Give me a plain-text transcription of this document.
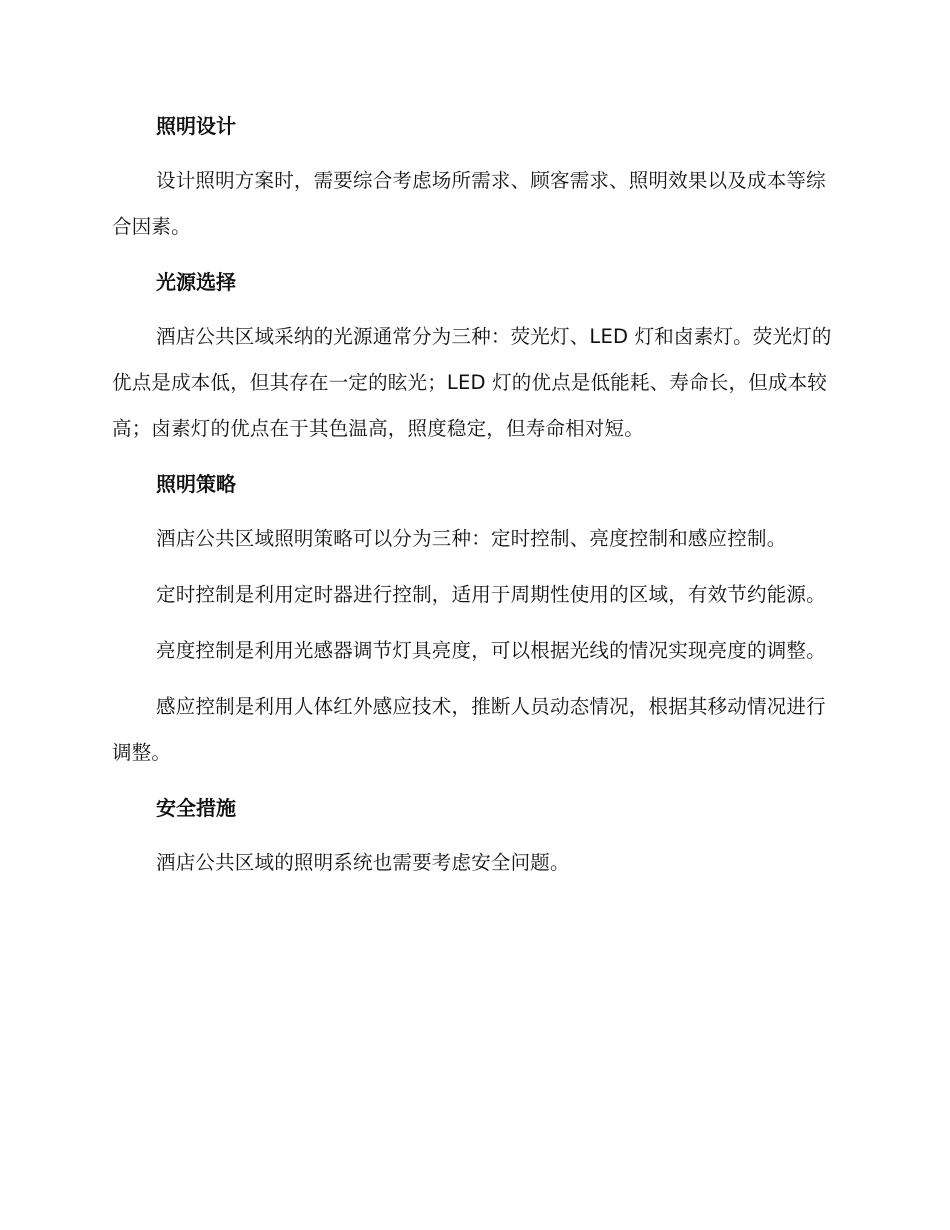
照明设计

设计照明方案时，需要综合考虑场所需求、顾客需求、照明效果以及成本等综合因素。

光源选择

酒店公共区域采纳的光源通常分为三种：荧光灯、LED 灯和卤素灯。荧光灯的优点是成本低，但其存在一定的眩光；LED 灯的优点是低能耗、寿命长，但成本较高；卤素灯的优点在于其色温高，照度稳定，但寿命相对短。

照明策略

酒店公共区域照明策略可以分为三种：定时控制、亮度控制和感应控制。

定时控制是利用定时器进行控制，适用于周期性使用的区域，有效节约能源。

亮度控制是利用光感器调节灯具亮度，可以根据光线的情况实现亮度的调整。

感应控制是利用人体红外感应技术，推断人员动态情况，根据其移动情况进行调整。

安全措施

酒店公共区域的照明系统也需要考虑安全问题。
